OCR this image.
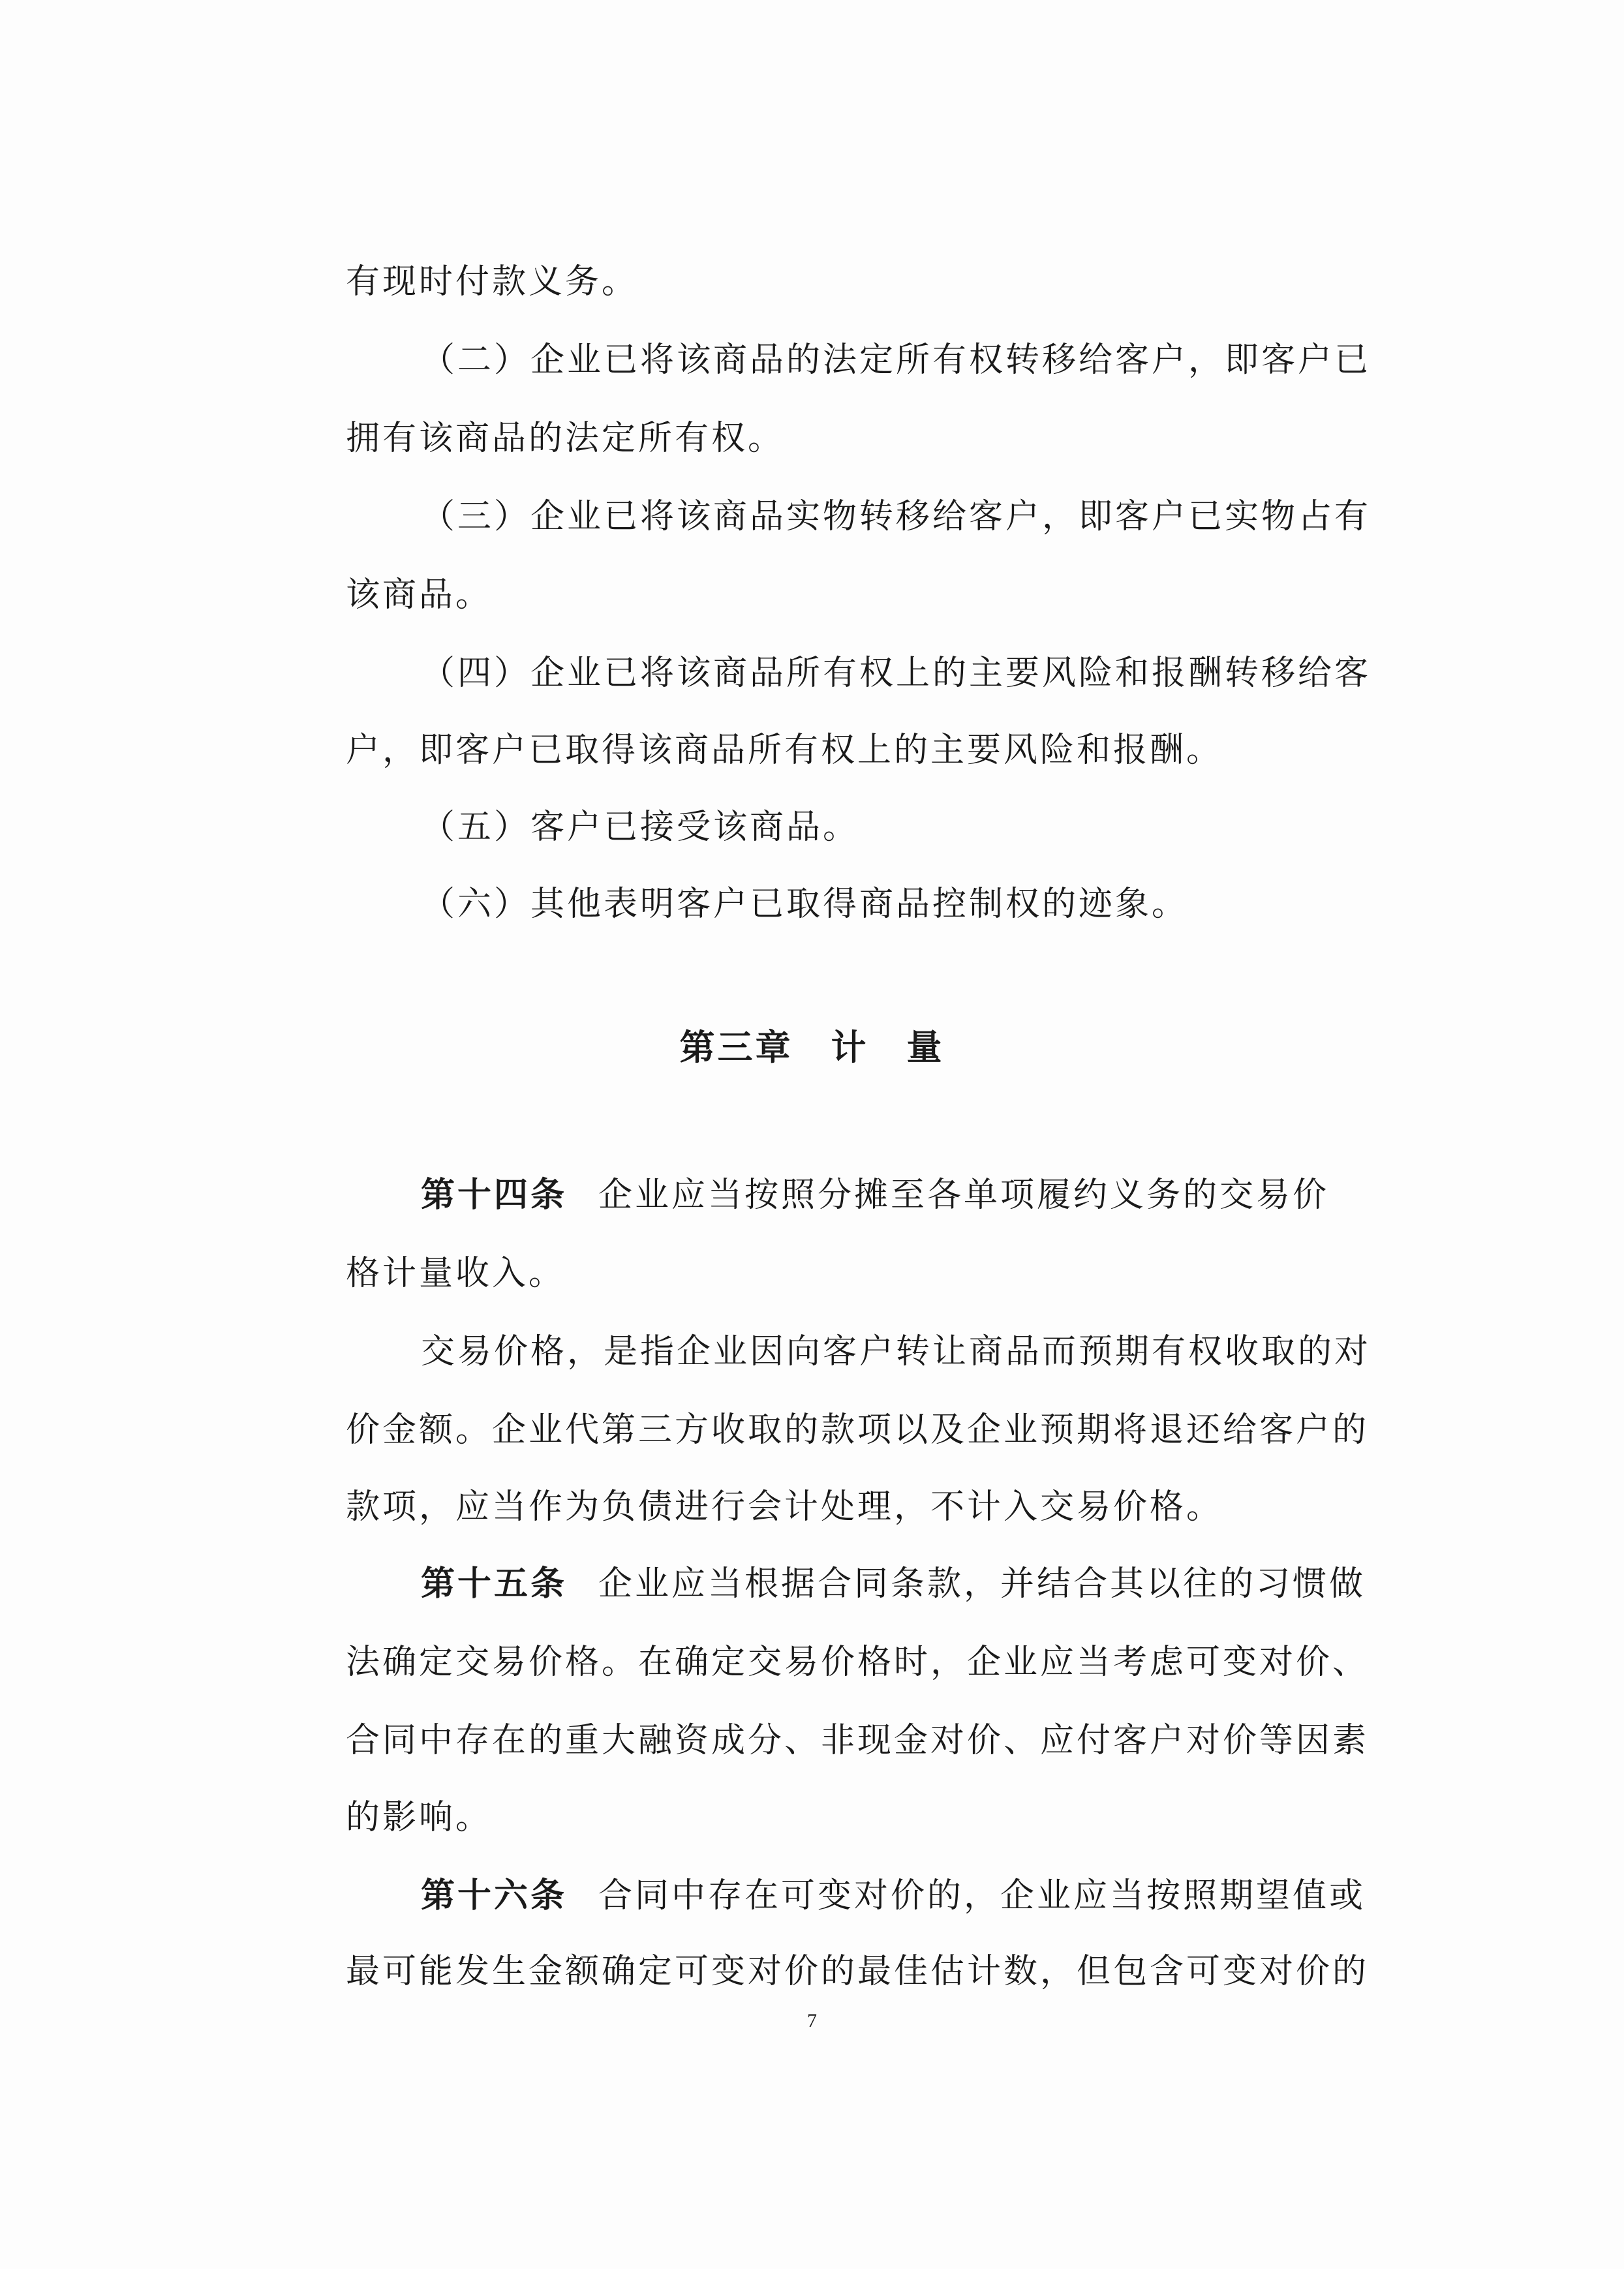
有现时付款义务。
（二）企业已将该商品的法定所有权转移给客户，即客户已
拥有该商品的法定所有权。
（三）企业已将该商品实物转移给客户，即客户已实物占有
该商品。
（四）企业已将该商品所有权上的主要风险和报酬转移给客
户，即客户已取得该商品所有权上的主要风险和报酬。
（五）客户已接受该商品。
（六）其他表明客户已取得商品控制权的迹象。
第三章　计　量
第十四条 企业应当按照分摊至各单项履约义务的交易价
格计量收入。
交易价格，是指企业因向客户转让商品而预期有权收取的对
价金额。企业代第三方收取的款项以及企业预期将退还给客户的
款项，应当作为负债进行会计处理，不计入交易价格。
第十五条 企业应当根据合同条款，并结合其以往的习惯做
法确定交易价格。在确定交易价格时，企业应当考虑可变对价、
合同中存在的重大融资成分、非现金对价、应付客户对价等因素
的影响。
第十六条 合同中存在可变对价的，企业应当按照期望值或
最可能发生金额确定可变对价的最佳估计数，但包含可变对价的
7
